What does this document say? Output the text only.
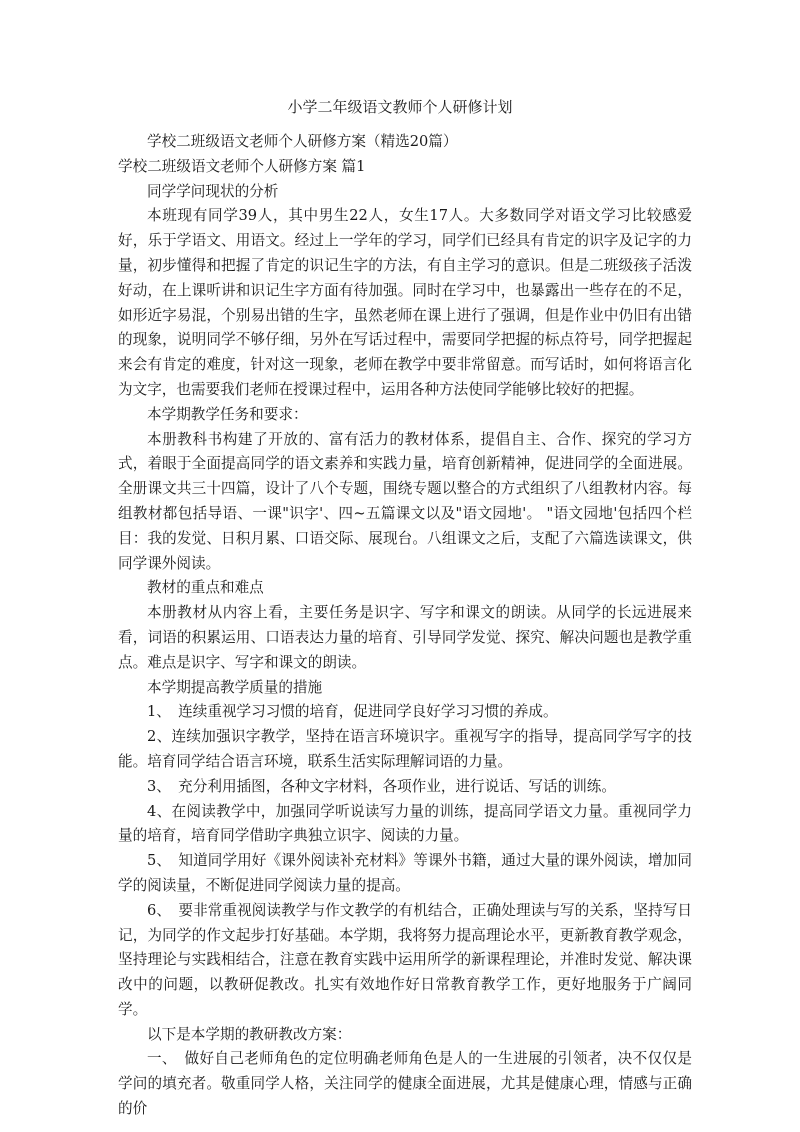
小学二年级语文教师个人研修计划

学校二班级语文老师个人研修方案（精选20篇）

学校二班级语文老师个人研修方案 篇1

同学学问现状的分析

本班现有同学39人，其中男生22人，女生17人。大多数同学对语文学习比较感爱好，乐于学语文、用语文。经过上一学年的学习，同学们已经具有肯定的识字及记字的力量，初步懂得和把握了肯定的识记生字的方法，有自主学习的意识。但是二班级孩子活泼好动，在上课听讲和识记生字方面有待加强。同时在学习中，也暴露出一些存在的不足，如形近字易混，个别易出错的生字，虽然老师在课上进行了强调，但是作业中仍旧有出错的现象，说明同学不够仔细，另外在写话过程中，需要同学把握的标点符号，同学把握起来会有肯定的难度，针对这一现象，老师在教学中要非常留意。而写话时，如何将语言化为文字，也需要我们老师在授课过程中，运用各种方法使同学能够比较好的把握。

本学期教学任务和要求：

本册教科书构建了开放的、富有活力的教材体系，提倡自主、合作、探究的学习方式，着眼于全面提高同学的语文素养和实践力量，培育创新精神，促进同学的全面进展。全册课文共三十四篇，设计了八个专题，围绕专题以整合的方式组织了八组教材内容。每组教材都包括导语、一课"识字'、四~五篇课文以及"语文园地'。 "语文园地'包括四个栏目：我的发觉、日积月累、口语交际、展现台。八组课文之后，支配了六篇选读课文，供同学课外阅读。

教材的重点和难点

本册教材从内容上看，主要任务是识字、写字和课文的朗读。从同学的长远进展来看，词语的积累运用、口语表达力量的培育、引导同学发觉、探究、解决问题也是教学重点。难点是识字、写字和课文的朗读。

本学期提高教学质量的措施

1、　连续重视学习习惯的培育，促进同学良好学习习惯的养成。

2、连续加强识字教学，坚持在语言环境识字。重视写字的指导，提高同学写字的技能。培育同学结合语言环境，联系生活实际理解词语的力量。

3、　充分利用插图，各种文字材料，各项作业，进行说话、写话的训练。

4、在阅读教学中，加强同学听说读写力量的训练，提高同学语文力量。重视同学力量的培育，培育同学借助字典独立识字、阅读的力量。

5、　知道同学用好《课外阅读补充材料》等课外书籍，通过大量的课外阅读，增加同学的阅读量，不断促进同学阅读力量的提高。

6、　要非常重视阅读教学与作文教学的有机结合，正确处理读与写的关系，坚持写日记，为同学的作文起步打好基础。本学期，我将努力提高理论水平，更新教育教学观念，坚持理论与实践相结合，注意在教育实践中运用所学的新课程理论，并准时发觉、解决课改中的问题，以教研促教改。扎实有效地作好日常教育教学工作，更好地服务于广阔同学。

以下是本学期的教研教改方案：

一、　做好自己老师角色的定位明确老师角色是人的一生进展的引领者，决不仅仅是学问的填充者。敬重同学人格，关注同学的健康全面进展，尤其是健康心理，情感与正确的价
